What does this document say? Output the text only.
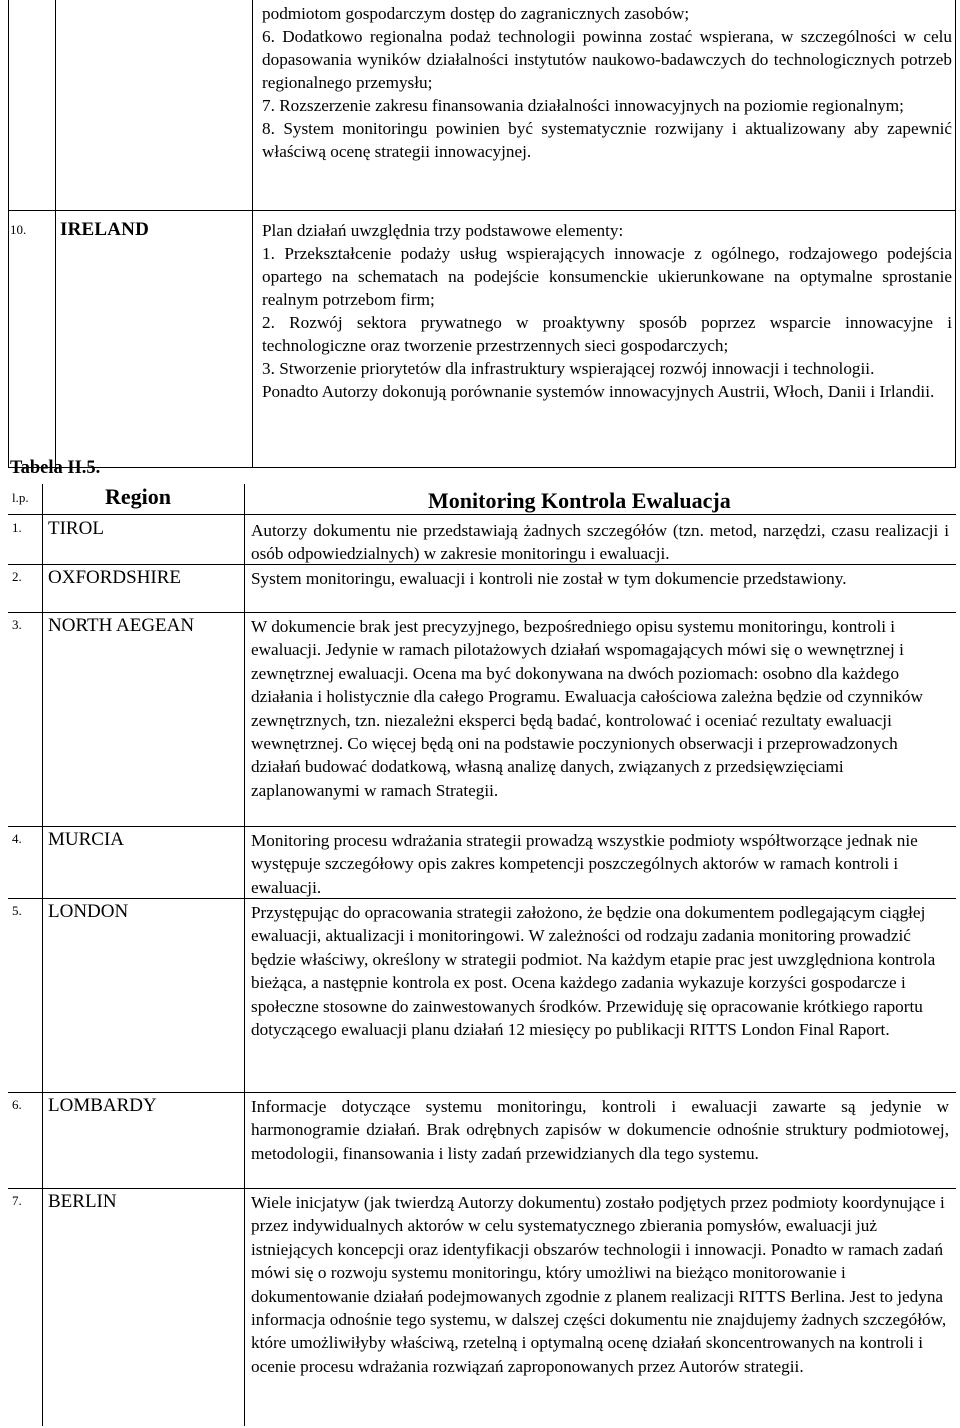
podmiotom gospodarczym dostęp do zagranicznych zasobów;

6. Dodatkowo regionalna podaż technologii powinna zostać wspierana, w szczególności w celu dopasowania wyników działalności instytutów naukowo-badawczych do technologicznych potrzeb regionalnego przemysłu;

7. Rozszerzenie zakresu finansowania działalności innowacyjnych na poziomie regionalnym;

8. System monitoringu powinien być systematycznie rozwijany i aktualizowany aby zapewnić właściwą ocenę strategii innowacyjnej.

10. IRELAND	Plan działań uwzględnia trzy podstawowe elementy:

1. Przekształcenie podaży usług wspierających innowacje z ogólnego, rodzajowego podejścia opartego na schematach na podejście konsumenckie ukierunkowane na optymalne sprostanie realnym potrzebom firm;

2. Rozwój sektora prywatnego w proaktywny sposób poprzez wsparcie innowacyjne i technologiczne oraz tworzenie przestrzennych sieci gospodarczych;

3. Stworzenie priorytetów dla infrastruktury wspierającej rozwój innowacji i technologii.

Ponadto Autorzy dokonują porównanie systemów innowacyjnych Austrii, Włoch, Danii i Irlandii.

Tabela II.5.
l.p.	Region	Monitoring Kontrola Ewaluacja
1. TIROL	Autorzy dokumentu nie przedstawiają żadnych szczegółów (tzn. metod, narzędzi, czasu realizacji i osób odpowiedzialnych) w zakresie monitoringu i ewaluacji.
2. OXFORDSHIRE	System monitoringu, ewaluacji i kontroli nie został w tym dokumencie przedstawiony.
3. NORTH AEGEAN	W dokumencie brak jest precyzyjnego, bezpośredniego opisu systemu monitoringu, kontroli i ewaluacji. Jedynie w ramach pilotażowych działań wspomagających mówi się o wewnętrznej i zewnętrznej ewaluacji. Ocena ma być dokonywana na dwóch poziomach: osobno dla każdego działania i holistycznie dla całego Programu. Ewaluacja całościowa zależna będzie od czynników zewnętrznych, tzn. niezależni eksperci będą badać, kontrolować i oceniać rezultaty ewaluacji wewnętrznej. Co więcej będą oni na podstawie poczynionych obserwacji i przeprowadzonych działań budować dodatkową, własną analizę danych, związanych z przedsięwzięciami zaplanowanymi w ramach Strategii.
4. MURCIA	Monitoring procesu wdrażania strategii prowadzą wszystkie podmioty współtworzące jednak nie występuje szczegółowy opis zakres kompetencji poszczególnych aktorów w ramach kontroli i ewaluacji.
5. LONDON	Przystępując do opracowania strategii założono, że będzie ona dokumentem podlegającym ciągłej ewaluacji, aktualizacji i monitoringowi. W zależności od rodzaju zadania monitoring prowadzić będzie właściwy, określony w strategii podmiot. Na każdym etapie prac jest uwzględniona kontrola bieżąca, a następnie kontrola ex post. Ocena każdego zadania wykazuje korzyści gospodarcze i społeczne stosowne do zainwestowanych środków. Przewiduję się opracowanie krótkiego raportu dotyczącego ewaluacji planu działań 12 miesięcy po publikacji RITTS London Final Raport.
6. LOMBARDY	Informacje dotyczące systemu monitoringu, kontroli i ewaluacji zawarte są jedynie w harmonogramie działań. Brak odrębnych zapisów w dokumencie odnośnie struktury podmiotowej, metodologii, finansowania i listy zadań przewidzianych dla tego systemu.
7. BERLIN	Wiele inicjatyw (jak twierdzą Autorzy dokumentu) zostało podjętych przez podmioty koordynujące i przez indywidualnych aktorów w celu systematycznego zbierania pomysłów, ewaluacji już istniejących koncepcji oraz identyfikacji obszarów technologii i innowacji. Ponadto w ramach zadań mówi się o rozwoju systemu monitoringu, który umożliwi na bieżąco monitorowanie i dokumentowanie działań podejmowanych zgodnie z planem realizacji RITTS Berlina. Jest to jedyna informacja odnośnie tego systemu, w dalszej części dokumentu nie znajdujemy żadnych szczegółów, które umożliwiłyby właściwą, rzetelną i optymalną ocenę działań skoncentrowanych na kontroli i ocenie procesu wdrażania rozwiązań zaproponowanych przez Autorów strategii.
